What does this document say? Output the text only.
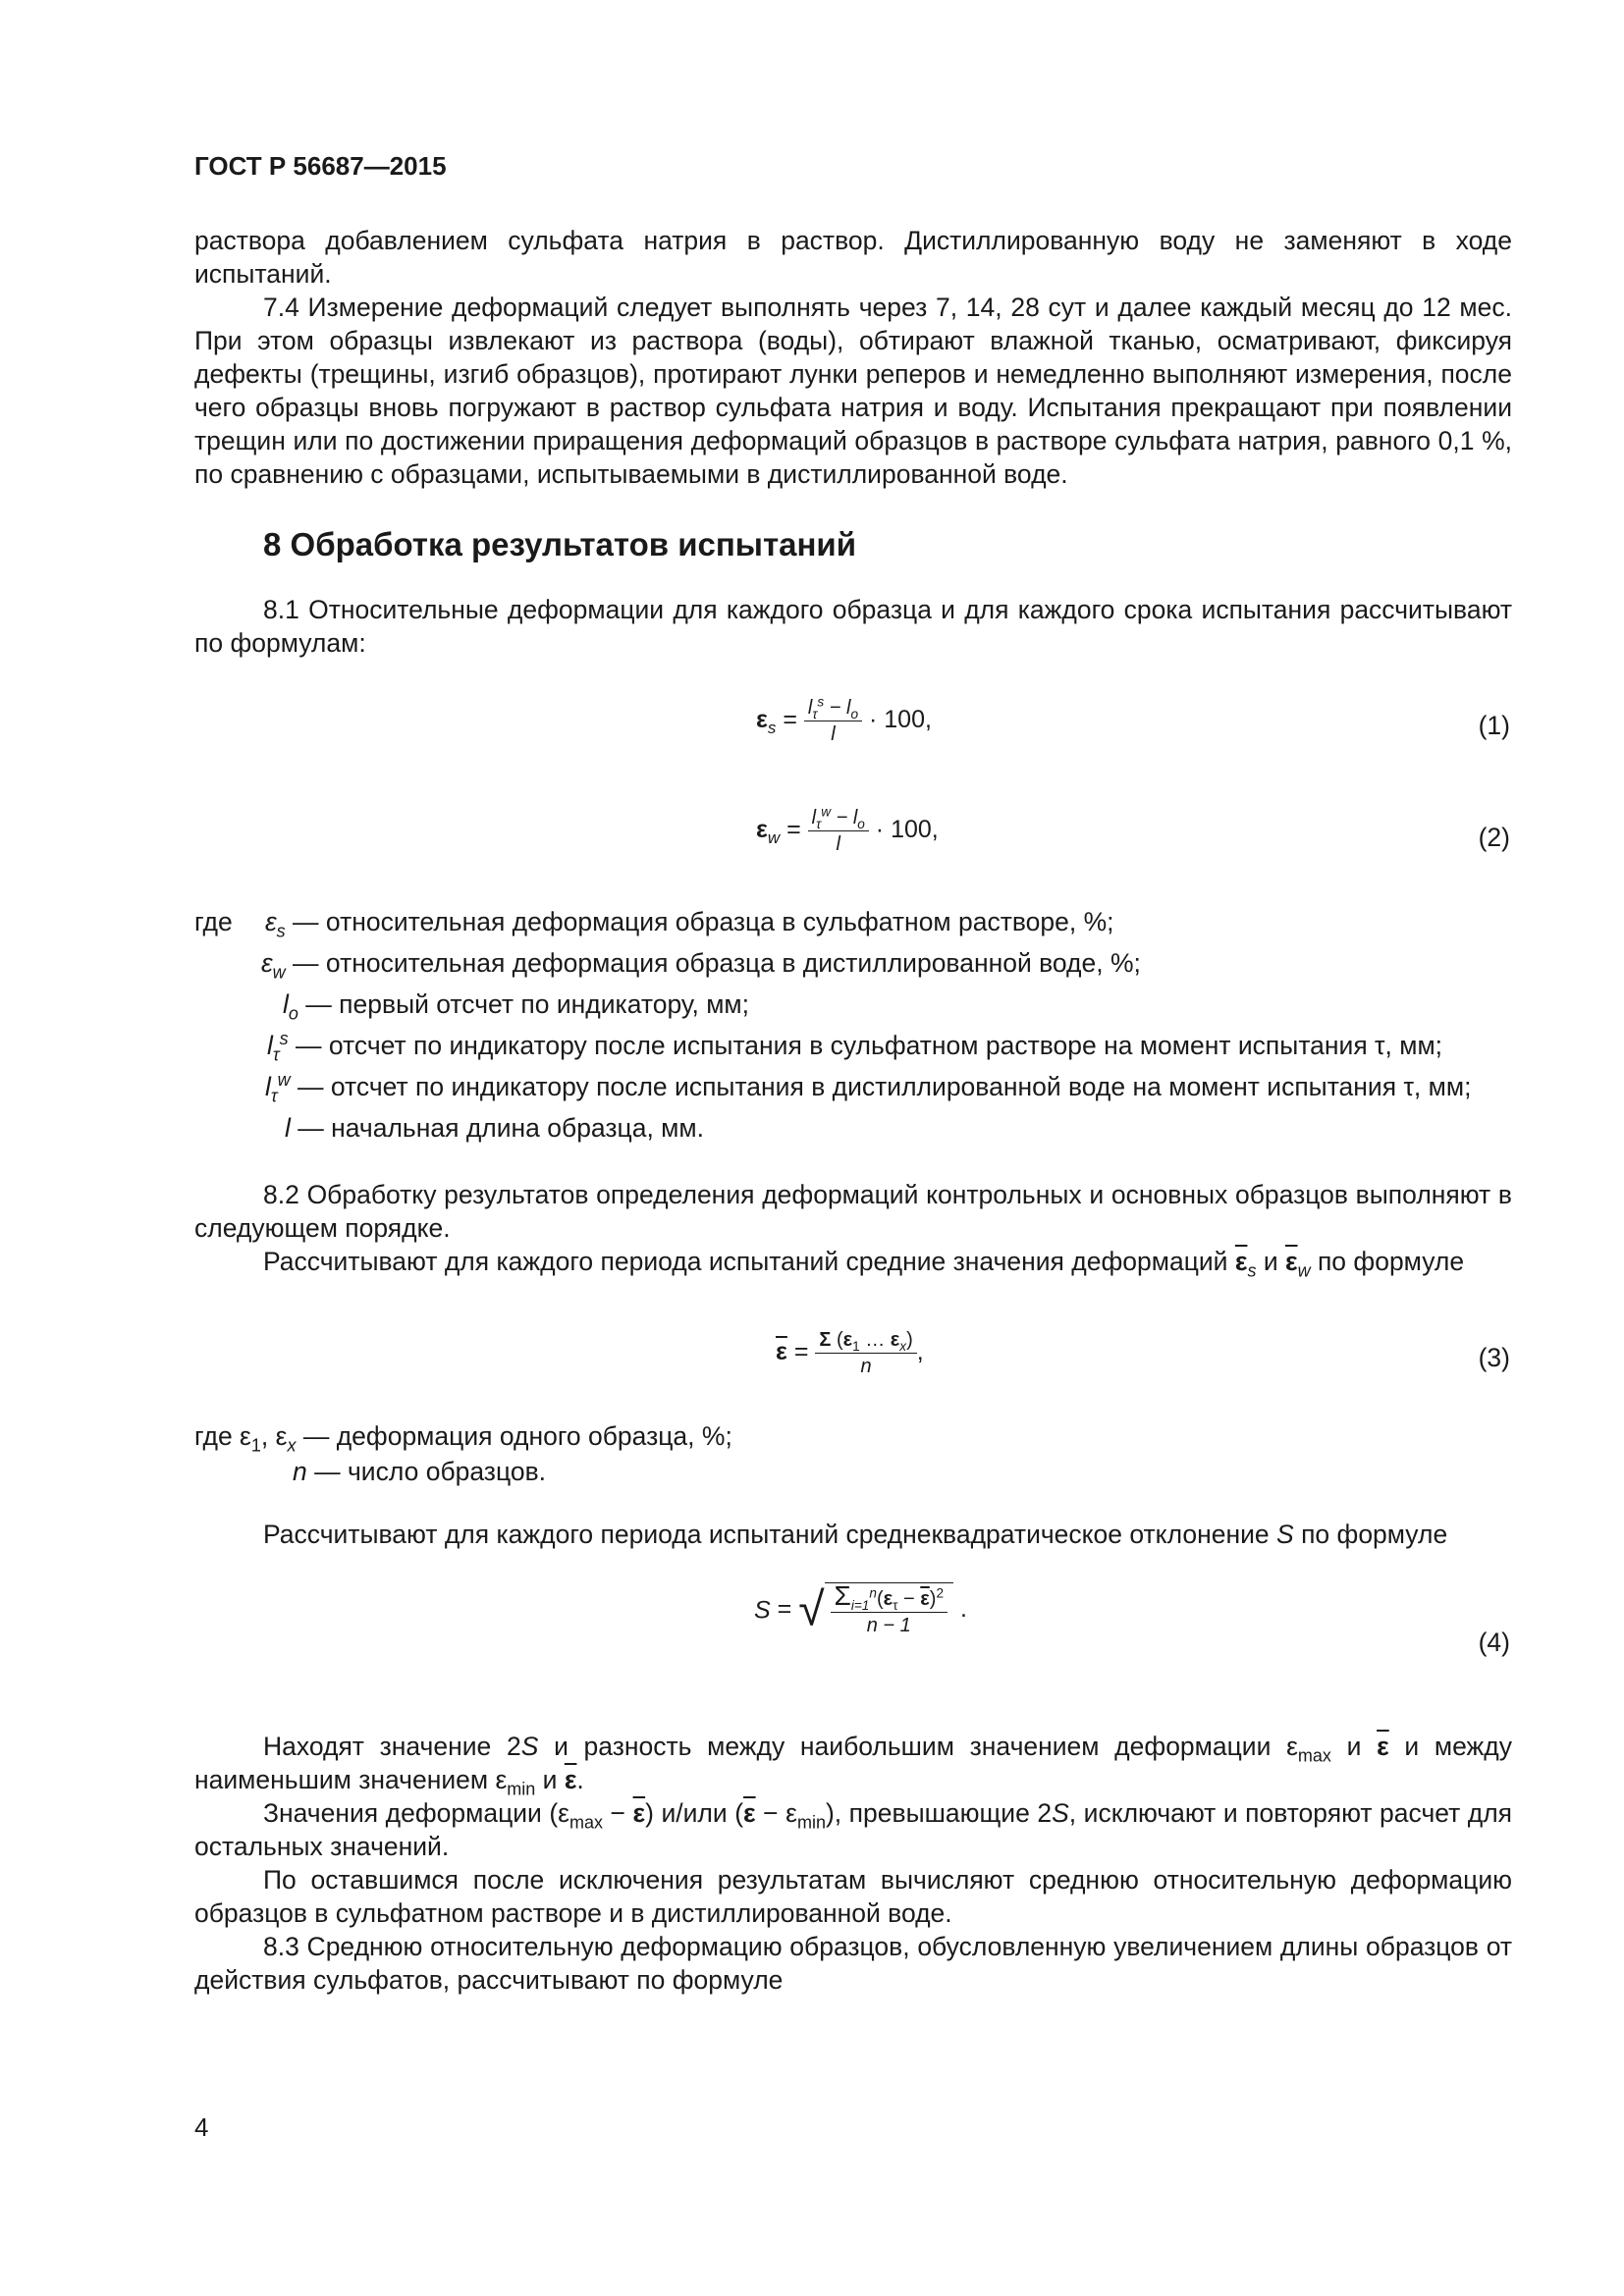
ГОСТ Р 56687—2015
раствора добавлением сульфата натрия в раствор. Дистиллированную воду не заменяют в ходе испытаний.
7.4 Измерение деформаций следует выполнять через 7, 14, 28 сут и далее каждый месяц до 12 мес. При этом образцы извлекают из раствора (воды), обтирают влажной тканью, осматривают, фиксируя дефекты (трещины, изгиб образцов), протирают лунки реперов и немедленно выполняют измерения, после чего образцы вновь погружают в раствор сульфата натрия и воду. Испытания прекращают при появлении трещин или по достижении приращения деформаций образцов в растворе сульфата натрия, равного 0,1 %, по сравнению с образцами, испытываемыми в дистиллированной воде.
8 Обработка результатов испытаний
8.1 Относительные деформации для каждого образца и для каждого срока испытания рассчитывают по формулам:
$\varepsilon_s = \frac{l_\tau^s - l_o}{l} \cdot 100$,	(1)
$\varepsilon_w = \frac{l_\tau^w - l_o}{l} \cdot 100$,	(2)
где $\varepsilon_s$ — относительная деформация образца в сульфатном растворе, %;
$\varepsilon_w$ — относительная деформация образца в дистиллированной воде, %;
$l_o$ — первый отсчет по индикатору, мм;
$l_\tau^s$ — отсчет по индикатору после испытания в сульфатном растворе на момент испытания τ, мм;
$l_\tau^w$ — отсчет по индикатору после испытания в дистиллированной воде на момент испытания τ, мм;
l — начальная длина образца, мм.
8.2 Обработку результатов определения деформаций контрольных и основных образцов выполняют в следующем порядке.
Рассчитывают для каждого периода испытаний средние значения деформаций $\overline{\varepsilon}_s$ и $\overline{\varepsilon}_w$ по формуле
$\overline{\varepsilon} = \frac{\Sigma (\varepsilon_1 \dots \varepsilon_x)}{n}$ ,	(3)
где $\varepsilon_1$, $\varepsilon_x$ — деформация одного образца, %;
n — число образцов.
Рассчитывают для каждого периода испытаний среднеквадратическое отклонение S по формуле
S = √ $\frac{\Sigma_{i=1}^n(\varepsilon_\tau - \overline{\varepsilon})^2}{n - 1}$ .
(4)
Находят значение 2S и разность между наибольшим значением деформации $\varepsilon_{max}$ и $\overline{\varepsilon}$ и между наименьшим значением $\varepsilon_{min}$ и $\overline{\varepsilon}$.
Значения деформации $(\varepsilon_{max} - \overline{\varepsilon})$ и/или $(\overline{\varepsilon} - \varepsilon_{min})$, превышающие 2S, исключают и повторяют расчет для остальных значений.
По оставшимся после исключения результатам вычисляют среднюю относительную деформацию образцов в сульфатном растворе и в дистиллированной воде.
8.3 Среднюю относительную деформацию образцов, обусловленную увеличением длины образцов от действия сульфатов, рассчитывают по формуле
4
